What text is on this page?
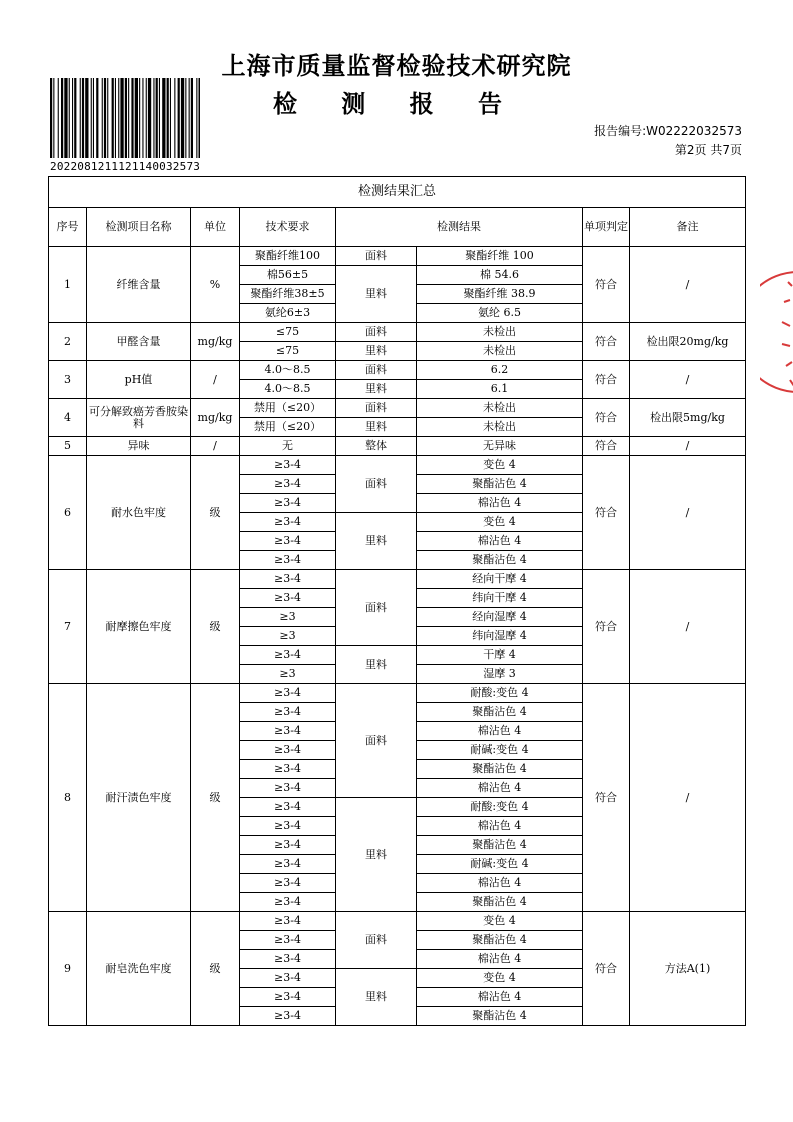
上海市质量监督检验技术研究院
检 测 报 告
20220812111211400325​73
报告编号:W02222032573
第2页 共7页
检测结果汇总							
序号	检测项目名称	单位	技术要求	检测结果		单项判定	备注
1	纤维含量	%	聚酯纤维100	面料	聚酯纤维 100	符合	/
			棉56±5	里料	棉 54.6		
			聚酯纤维38±5		聚酯纤维 38.9		
			氨纶6±3		氨纶 6.5		
2	甲醛含量	mg/kg	≤75	面料	未检出	符合	检出限20mg/kg
			≤75	里料	未检出		
3	pH值	/	4.0～8.5	面料	6.2	符合	/
			4.0～8.5	里料	6.1		
4	可分解致癌芳香胺染料	mg/kg	禁用（≤20）	面料	未检出	符合	检出限5mg/kg
			禁用（≤20）	里料	未检出		
5	异味	/	无	整体	无异味	符合	/
6	耐水色牢度	级	≥3-4	面料	变色 4	符合	/
			≥3-4		聚酯沾色 4		
			≥3-4		棉沾色 4		
			≥3-4	里料	变色 4		
			≥3-4		棉沾色 4		
			≥3-4		聚酯沾色 4		
7	耐摩擦色牢度	级	≥3-4	面料	经向干摩 4	符合	/
			≥3-4		纬向干摩 4		
			≥3		经向湿摩 4		
			≥3		纬向湿摩 4		
			≥3-4	里料	干摩 4		
			≥3		湿摩 3		
8	耐汗渍色牢度	级	≥3-4	面料	耐酸:变色 4	符合	/
			≥3-4		聚酯沾色 4		
			≥3-4		棉沾色 4		
			≥3-4		耐碱:变色 4		
			≥3-4		聚酯沾色 4		
			≥3-4		棉沾色 4		
			≥3-4	里料	耐酸:变色 4		
			≥3-4		棉沾色 4		
			≥3-4		聚酯沾色 4		
			≥3-4		耐碱:变色 4		
			≥3-4		棉沾色 4		
			≥3-4		聚酯沾色 4		
9	耐皂洗色牢度	级	≥3-4	面料	变色 4	符合	方法A(1)
			≥3-4		聚酯沾色 4		
			≥3-4		棉沾色 4		
			≥3-4	里料	变色 4		
			≥3-4		棉沾色 4		
			≥3-4		聚酯沾色 4		
